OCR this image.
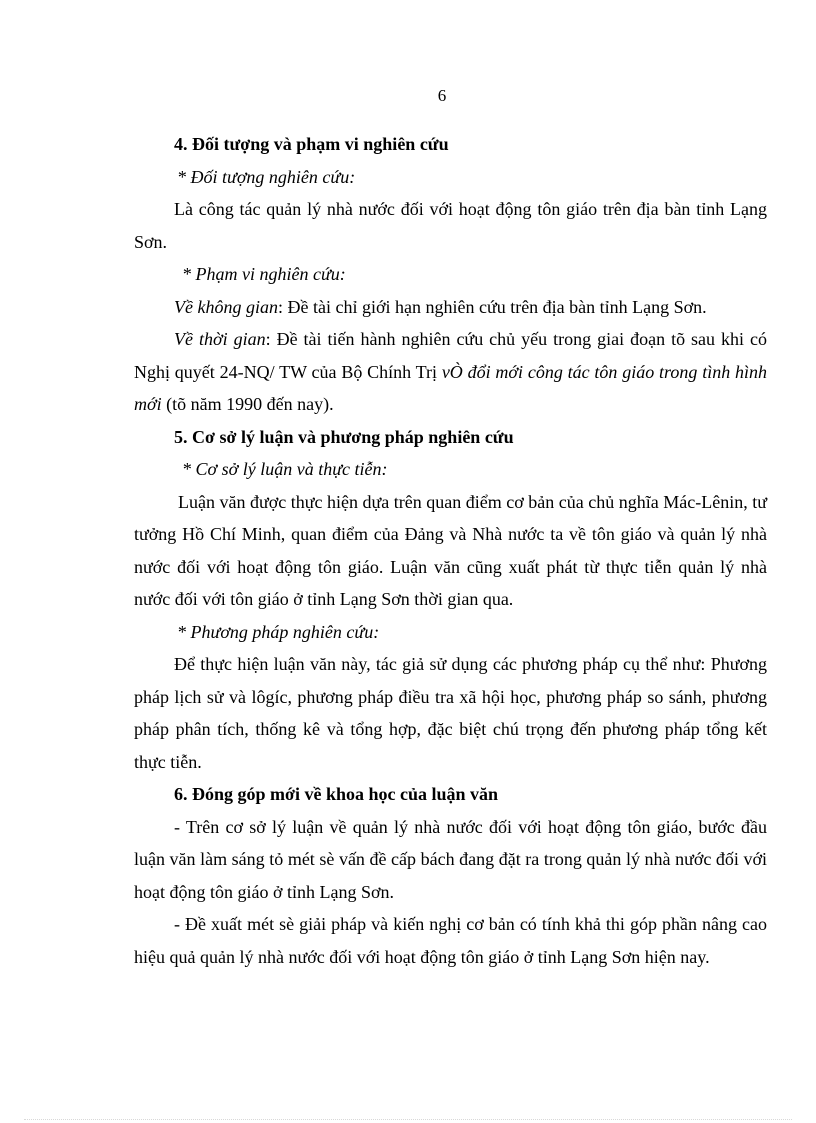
6

4. Đối tượng và phạm vi nghiên cứu

* Đối tượng nghiên cứu:

Là công tác quản lý nhà nước đối với hoạt động tôn giáo trên địa bàn tỉnh Lạng Sơn.

* Phạm vi nghiên cứu:

Về không gian: Đề tài chỉ giới hạn nghiên cứu trên địa bàn tỉnh Lạng Sơn.

Về thời gian: Đề tài tiến hành nghiên cứu chủ yếu trong giai đoạn tõ sau khi có Nghị quyết 24-NQ/ TW của Bộ Chính Trị vÒ đổi mới công tác tôn giáo trong tình hình mới (tõ năm 1990 đến nay).

5. Cơ sở lý luận và phương pháp nghiên cứu

* Cơ sở lý luận và thực tiễn:

Luận văn được thực hiện dựa trên quan điểm cơ bản của chủ nghĩa Mác-Lênin, tư tưởng Hồ Chí Minh, quan điểm của Đảng và Nhà nước ta về tôn giáo và quản lý nhà nước đối với hoạt động tôn giáo. Luận văn cũng xuất phát từ thực tiễn quản lý nhà nước đối với tôn giáo ở tỉnh Lạng Sơn thời gian qua.

* Phương pháp nghiên cứu:

Để thực hiện luận văn này, tác giả sử dụng các phương pháp cụ thể như: Phương pháp lịch sử và lôgíc, phương pháp điều tra xã hội học, phương pháp so sánh, phương pháp phân tích, thống kê và tổng hợp, đặc biệt chú trọng đến phương pháp tổng kết thực tiễn.

6. Đóng góp mới về khoa học của luận văn

- Trên cơ sở lý luận về quản lý nhà nước đối với hoạt động tôn giáo, bước đầu luận văn làm sáng tỏ mét sè vấn đề cấp bách đang đặt ra trong quản lý nhà nước đối với hoạt động tôn giáo ở tỉnh Lạng Sơn.

- Đề xuất mét sè giải pháp và kiến nghị cơ bản có tính khả thi góp phần nâng cao hiệu quả quản lý nhà nước đối với hoạt động tôn giáo ở tỉnh Lạng Sơn hiện nay.
